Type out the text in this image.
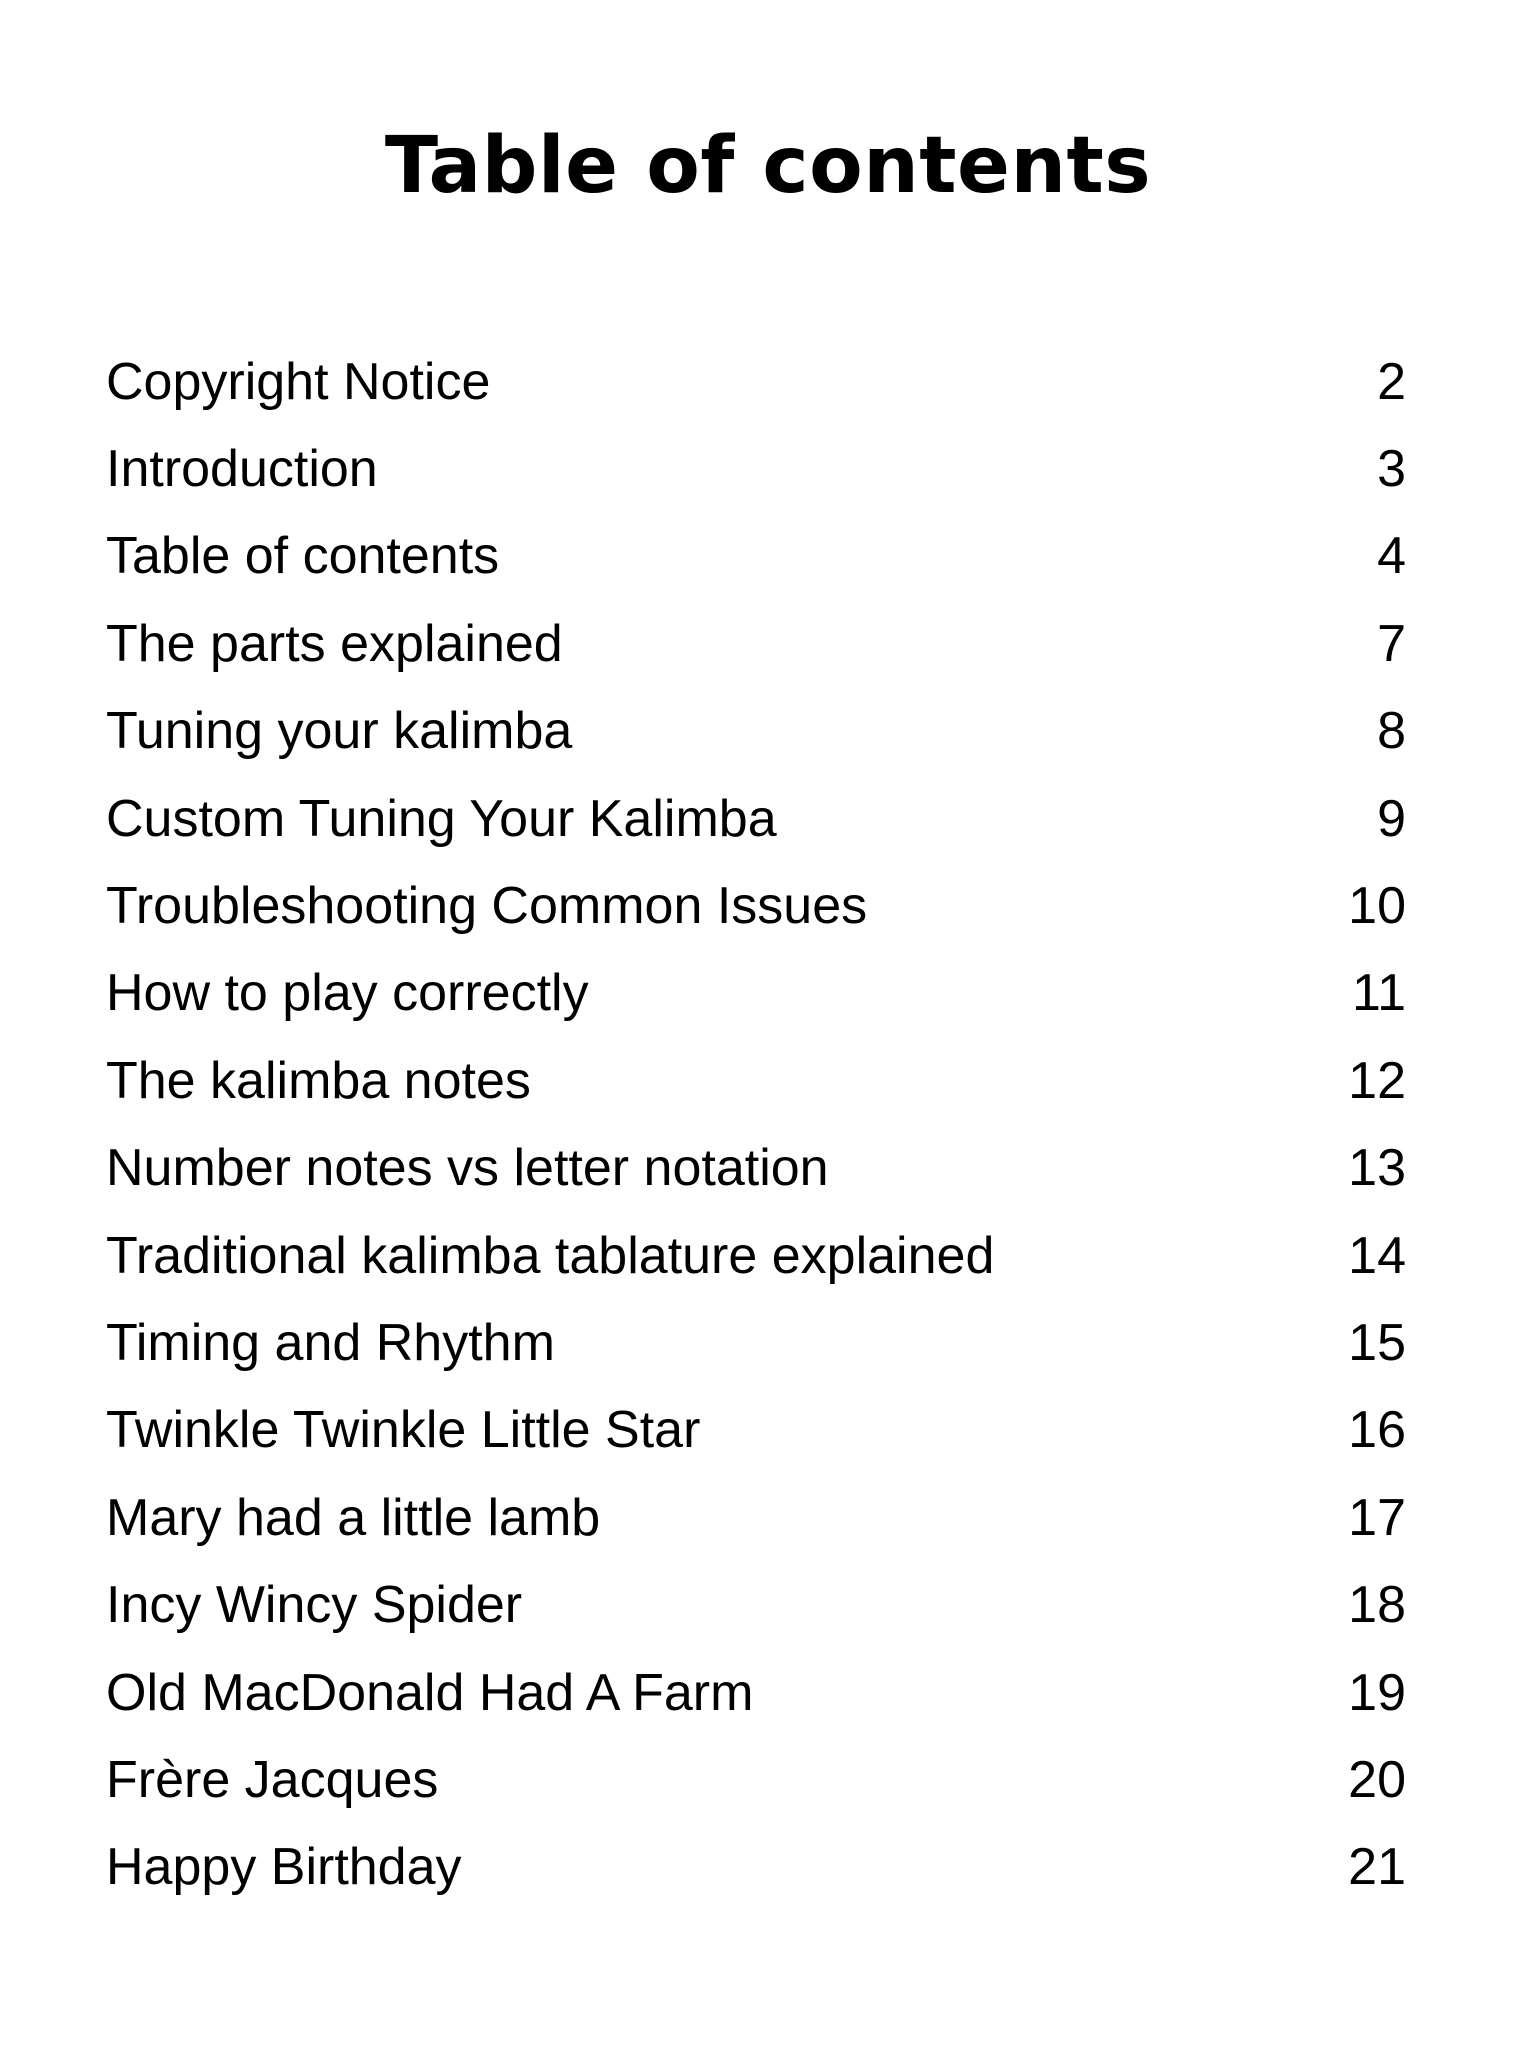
Table of contents
Copyright Notice	2
Introduction	3
Table of contents	4
The parts explained	7
Tuning your kalimba	8
Custom Tuning Your Kalimba	9
Troubleshooting Common Issues	10
How to play correctly	11
The kalimba notes	12
Number notes vs letter notation	13
Traditional kalimba tablature explained	14
Timing and Rhythm	15
Twinkle Twinkle Little Star	16
Mary had a little lamb	17
Incy Wincy Spider	18
Old MacDonald Had A Farm	19
Frère Jacques	20
Happy Birthday	21
